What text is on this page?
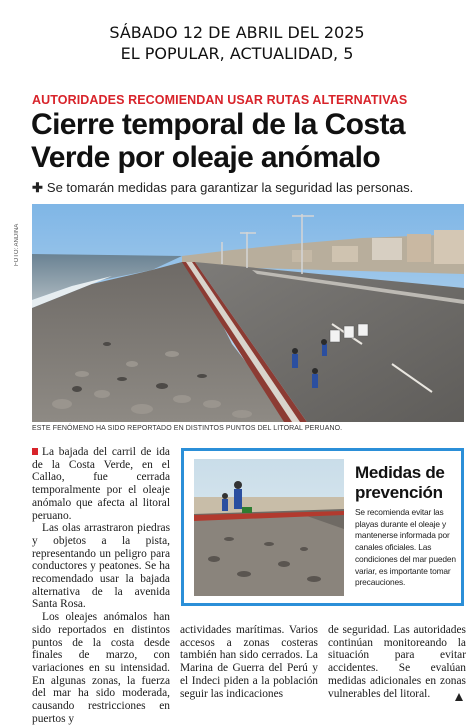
SÁBADO 12 DE ABRIL DEL 2025
EL POPULAR, ACTUALIDAD, 5
AUTORIDADES RECOMIENDAN USAR RUTAS ALTERNATIVAS
Cierre temporal de la Costa
Verde por oleaje anómalo
✚ Se tomarán medidas para garantizar la seguridad las personas.
FOTO: ANDINA
ESTE FENÓMENO HA SIDO REPORTADO EN DISTINTOS PUNTOS DEL LITORAL PERUANO.

La bajada del carril de ida de la Costa Verde, en el Callao, fue cerrada temporalmente por el oleaje anómalo que afecta al litoral peruano.

Las olas arrastraron piedras y objetos a la pista, representando un peligro para conductores y peatones. Se ha recomendado usar la bajada alternativa de la avenida Santa Rosa.

Los oleajes anómalos han sido reportados en distintos puntos de la costa desde finales de marzo, con variaciones en su intensidad. En algunas zonas, la fuerza del mar ha sido moderada, causando restricciones en puertos y

Medidas de
prevención
Se recomienda evitar las playas durante el oleaje y mantenerse informada por canales oficiales. Las condiciones del mar pueden variar, es importante tomar precauciones.
actividades marítimas. Varios accesos a zonas costeras también han sido cerrados. La Marina de Guerra del Perú y el Indeci piden a la población seguir las indicaciones
de seguridad. Las autoridades continúan monitoreando la situación para evitar accidentes. Se evalúan medidas adicionales en zonas vulnerables del litoral.
